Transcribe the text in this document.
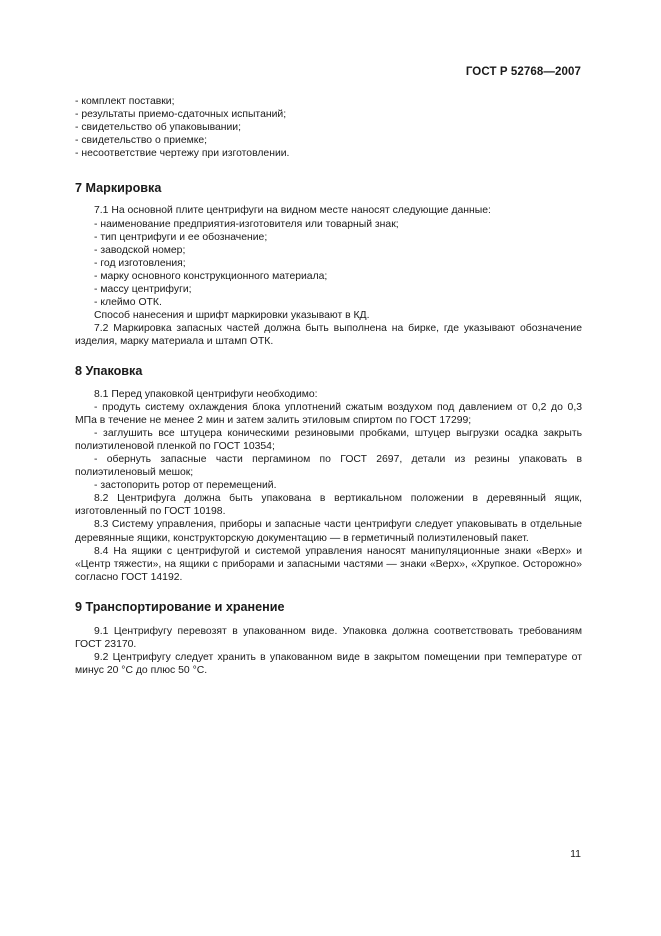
ГОСТ Р 52768—2007

- комплект поставки;

- результаты приемо-сдаточных испытаний;

- свидетельство об упаковывании;

- свидетельство о приемке;

- несоответствие чертежу при изготовлении.

7 Маркировка

7.1 На основной плите центрифуги на видном месте наносят следующие данные:

- наименование предприятия-изготовителя или товарный знак;

- тип центрифуги и ее обозначение;

- заводской номер;

- год изготовления;

- марку основного конструкционного материала;

- массу центрифуги;

- клеймо ОТК.

Способ нанесения и шрифт маркировки указывают в КД.

7.2 Маркировка запасных частей должна быть выполнена на бирке, где указывают обозначение изделия, марку материала и штамп ОТК.

8 Упаковка

8.1 Перед упаковкой центрифуги необходимо:

- продуть систему охлаждения блока уплотнений сжатым воздухом под давлением от 0,2 до 0,3 МПа в течение не менее 2 мин и затем залить этиловым спиртом по ГОСТ 17299;

- заглушить все штуцера коническими резиновыми пробками, штуцер выгрузки осадка закрыть полиэтиленовой пленкой по ГОСТ 10354;

- обернуть запасные части пергамином по ГОСТ 2697, детали из резины упаковать в полиэтиленовый мешок;

- застопорить ротор от перемещений.

8.2 Центрифуга должна быть упакована в вертикальном положении в деревянный ящик, изготовленный по ГОСТ 10198.

8.3 Систему управления, приборы и запасные части центрифуги следует упаковывать в отдельные деревянные ящики, конструкторскую документацию — в герметичный полиэтиленовый пакет.

8.4 На ящики с центрифугой и системой управления наносят манипуляционные знаки «Верх» и «Центр тяжести», на ящики с приборами и запасными частями — знаки «Верх», «Хрупкое. Осторожно» согласно ГОСТ 14192.

9 Транспортирование и хранение

9.1 Центрифугу перевозят в упакованном виде. Упаковка должна соответствовать требованиям ГОСТ 23170.

9.2 Центрифугу следует хранить в упакованном виде в закрытом помещении при температуре от минус 20 °С до плюс 50 °С.

11
